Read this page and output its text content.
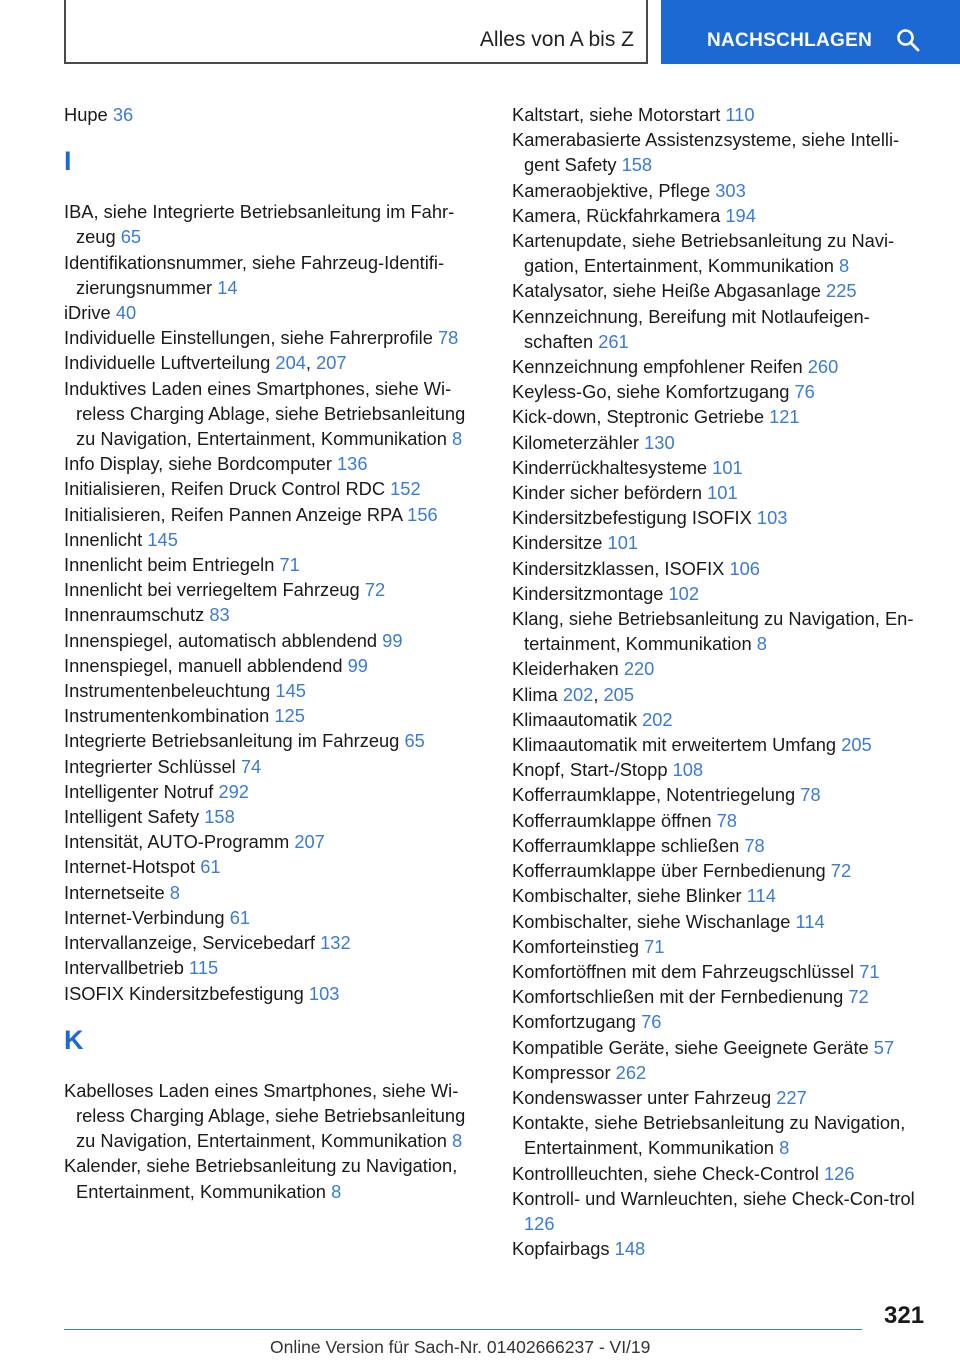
Alles von A bis Z	NACHSCHLAGEN
Hupe 36
I
IBA, siehe Integrierte Betriebsanleitung im Fahr-zeug 65
Identifikationsnummer, siehe Fahrzeug-Identifi-zierungsnummer 14
iDrive 40
Individuelle Einstellungen, siehe Fahrerprofile 78
Individuelle Luftverteilung 204, 207
Induktives Laden eines Smartphones, siehe Wi-reless Charging Ablage, siehe Betriebsanleitung zu Navigation, Entertainment, Kommunikation 8
Info Display, siehe Bordcomputer 136
Initialisieren, Reifen Druck Control RDC 152
Initialisieren, Reifen Pannen Anzeige RPA 156
Innenlicht 145
Innenlicht beim Entriegeln 71
Innenlicht bei verriegeltem Fahrzeug 72
Innenraumschutz 83
Innenspiegel, automatisch abblendend 99
Innenspiegel, manuell abblendend 99
Instrumentenbeleuchtung 145
Instrumentenkombination 125
Integrierte Betriebsanleitung im Fahrzeug 65
Integrierter Schlüssel 74
Intelligenter Notruf 292
Intelligent Safety 158
Intensität, AUTO-Programm 207
Internet-Hotspot 61
Internetseite 8
Internet-Verbindung 61
Intervallanzeige, Servicebedarf 132
Intervallbetrieb 115
ISOFIX Kindersitzbefestigung 103
K
Kabelloses Laden eines Smartphones, siehe Wi-reless Charging Ablage, siehe Betriebsanleitung zu Navigation, Entertainment, Kommunikation 8
Kalender, siehe Betriebsanleitung zu Navigation, Entertainment, Kommunikation 8
Kaltstart, siehe Motorstart 110
Kamerabasierte Assistenzsysteme, siehe Intelli-gent Safety 158
Kameraobjektive, Pflege 303
Kamera, Rückfahrkamera 194
Kartenupdate, siehe Betriebsanleitung zu Navi-gation, Entertainment, Kommunikation 8
Katalysator, siehe Heiße Abgasanlage 225
Kennzeichnung, Bereifung mit Notlaufeigen-schaften 261
Kennzeichnung empfohlener Reifen 260
Keyless-Go, siehe Komfortzugang 76
Kick-down, Steptronic Getriebe 121
Kilometerzähler 130
Kinderrückhaltesysteme 101
Kinder sicher befördern 101
Kindersitzbefestigung ISOFIX 103
Kindersitze 101
Kindersitzklassen, ISOFIX 106
Kindersitzmontage 102
Klang, siehe Betriebsanleitung zu Navigation, En-tertainment, Kommunikation 8
Kleiderhaken 220
Klima 202, 205
Klimaautomatik 202
Klimaautomatik mit erweitertem Umfang 205
Knopf, Start-/Stopp 108
Kofferraumklappe, Notentriegelung 78
Kofferraumklappe öffnen 78
Kofferraumklappe schließen 78
Kofferraumklappe über Fernbedienung 72
Kombischalter, siehe Blinker 114
Kombischalter, siehe Wischanlage 114
Komforteinstieg 71
Komfortöffnen mit dem Fahrzeugschlüssel 71
Komfortschließen mit der Fernbedienung 72
Komfortzugang 76
Kompatible Geräte, siehe Geeignete Geräte 57
Kompressor 262
Kondenswasser unter Fahrzeug 227
Kontakte, siehe Betriebsanleitung zu Navigation, Entertainment, Kommunikation 8
Kontrollleuchten, siehe Check-Control 126
Kontroll- und Warnleuchten, siehe Check-Con-trol 126
Kopfairbags 148
321
Online Version für Sach-Nr. 01402666237 - VI/19
